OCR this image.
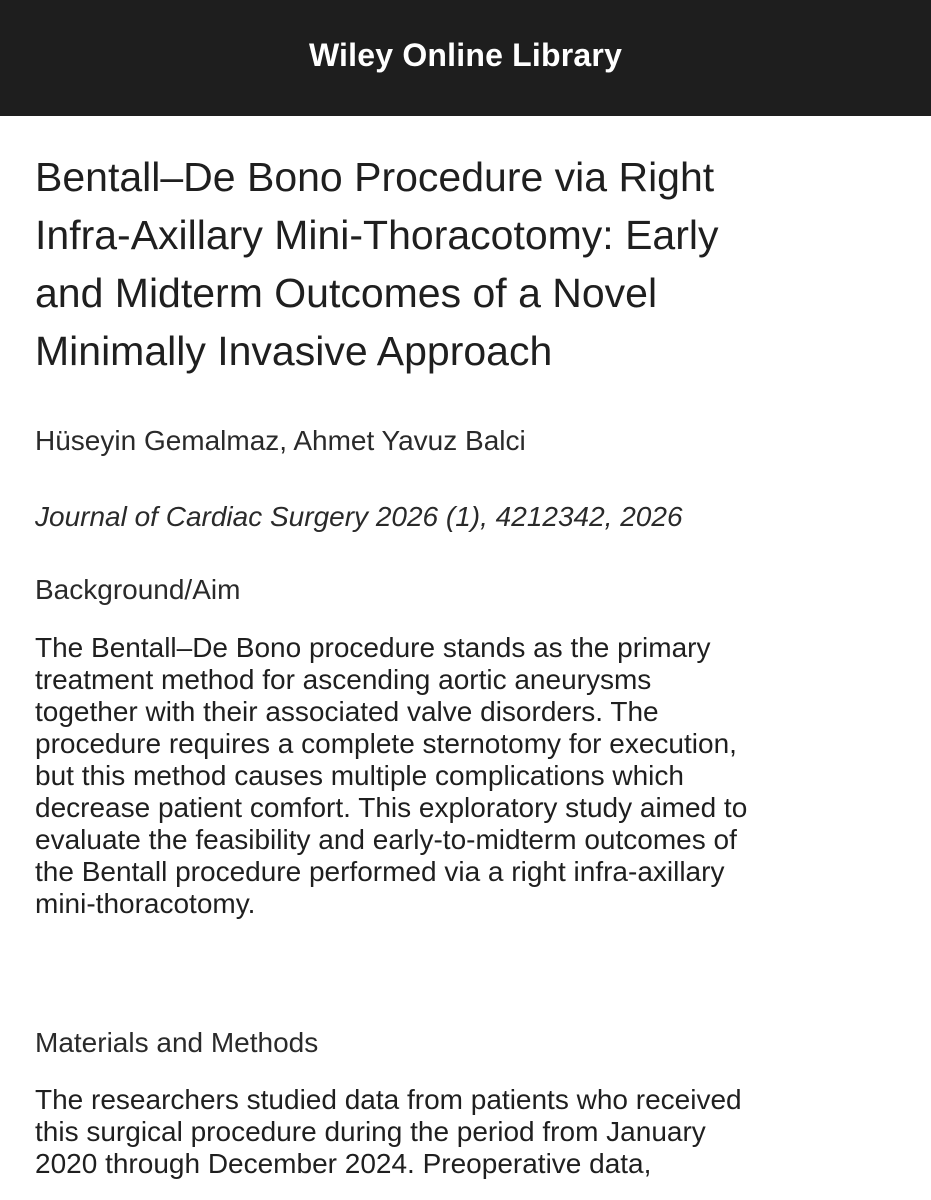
Wiley Online Library
Bentall–De Bono Procedure via Right
Infra-Axillary Mini-Thoracotomy: Early
and Midterm Outcomes of a Novel
Minimally Invasive Approach

Hüseyin Gemalmaz, Ahmet Yavuz Balci

Journal of Cardiac Surgery 2026 (1), 4212342, 2026

Background/Aim

The Bentall–De Bono procedure stands as the primary
treatment method for ascending aortic aneurysms
together with their associated valve disorders. The
procedure requires a complete sternotomy for execution,
but this method causes multiple complications which
decrease patient comfort. This exploratory study aimed to
evaluate the feasibility and early-to-midterm outcomes of
the Bentall procedure performed via a right infra-axillary
mini-thoracotomy.

Materials and Methods

The researchers studied data from patients who received
this surgical procedure during the period from January
2020 through December 2024. Preoperative data,
